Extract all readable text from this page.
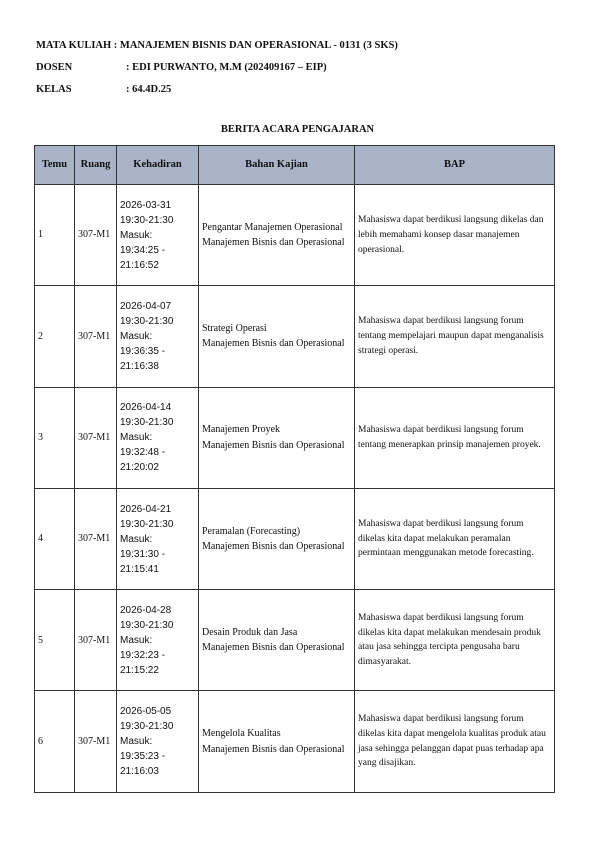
MATA KULIAH : MANAJEMEN BISNIS DAN OPERASIONAL - 0131 (3 SKS)
DOSEN	: EDI PURWANTO, M.M (202409167 – EIP)
KELAS	: 64.4D.25
BERITA ACARA PENGAJARAN
Temu	Ruang	Kehadiran	Bahan Kajian	BAP
1	307-M1	2026-03-31
19:30-21:30
Masuk:
19:34:25 - 21:16:52	Pengantar Manajemen Operasional
Manajemen Bisnis dan Operasional	Mahasiswa dapat berdikusi langsung dikelas dan lebih memahami konsep dasar manajemen operasional.
2	307-M1	2026-04-07
19:30-21:30
Masuk:
19:36:35 - 21:16:38	Strategi Operasi
Manajemen Bisnis dan Operasional	Mahasiswa dapat berdikusi langsung forum tentang mempelajari maupun dapat menganalisis strategi operasi.
3	307-M1	2026-04-14
19:30-21:30
Masuk:
19:32:48 - 21:20:02	Manajemen Proyek
Manajemen Bisnis dan Operasional	Mahasiswa dapat berdikusi langsung forum tentang menerapkan prinsip manajemen proyek.
4	307-M1	2026-04-21
19:30-21:30
Masuk:
19:31:30 - 21:15:41	Peramalan (Forecasting)
Manajemen Bisnis dan Operasional	Mahasiswa dapat berdikusi langsung forum dikelas kita dapat melakukan peramalan permintaan menggunakan metode forecasting.
5	307-M1	2026-04-28
19:30-21:30
Masuk:
19:32:23 - 21:15:22	Desain Produk dan Jasa
Manajemen Bisnis dan Operasional	Mahasiswa dapat berdikusi langsung forum dikelas kita dapat melakukan mendesain produk atau jasa sehingga tercipta pengusaha baru dimasyarakat.
6	307-M1	2026-05-05
19:30-21:30
Masuk:
19:35:23 - 21:16:03	Mengelola Kualitas
Manajemen Bisnis dan Operasional	Mahasiswa dapat berdikusi langsung forum dikelas kita dapat mengelola kualitas produk atau jasa sehingga pelanggan dapat puas terhadap apa yang disajikan.
